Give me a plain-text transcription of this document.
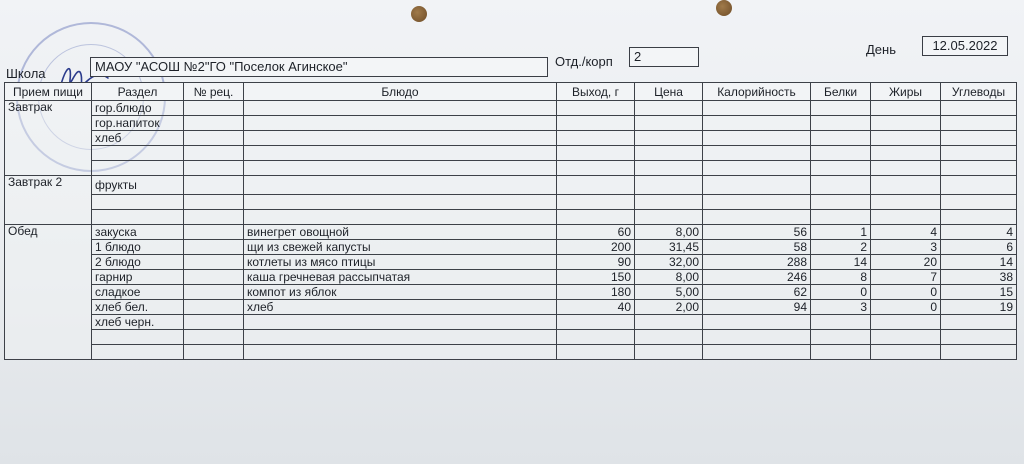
Школа	МАОУ "АСОШ №2"ГО "Поселок Агинское"	Отд./корп	2	День	12.05.2022
Прием пищи	Раздел	№ рец.	Блюдо	Выход, г	Цена	Калорийность	Белки	Жиры	Углеводы
Завтрак	гор.блюдо								
	гор.напиток								
	хлеб								

Завтрак 2	фрукты								

Обед	закуска		винегрет овощной	60	8,00	56	1	4	4
	1 блюдо		щи из свежей капусты	200	31,45	58	2	3	6
	2 блюдо		котлеты из мясо птицы	90	32,00	288	14	20	14
	гарнир		каша гречневая рассыпчатая	150	8,00	246	8	7	38
	сладкое		компот из яблок	180	5,00	62	0	0	15
	хлеб бел.		хлеб	40	2,00	94	3	0	19
	хлеб черн.								
